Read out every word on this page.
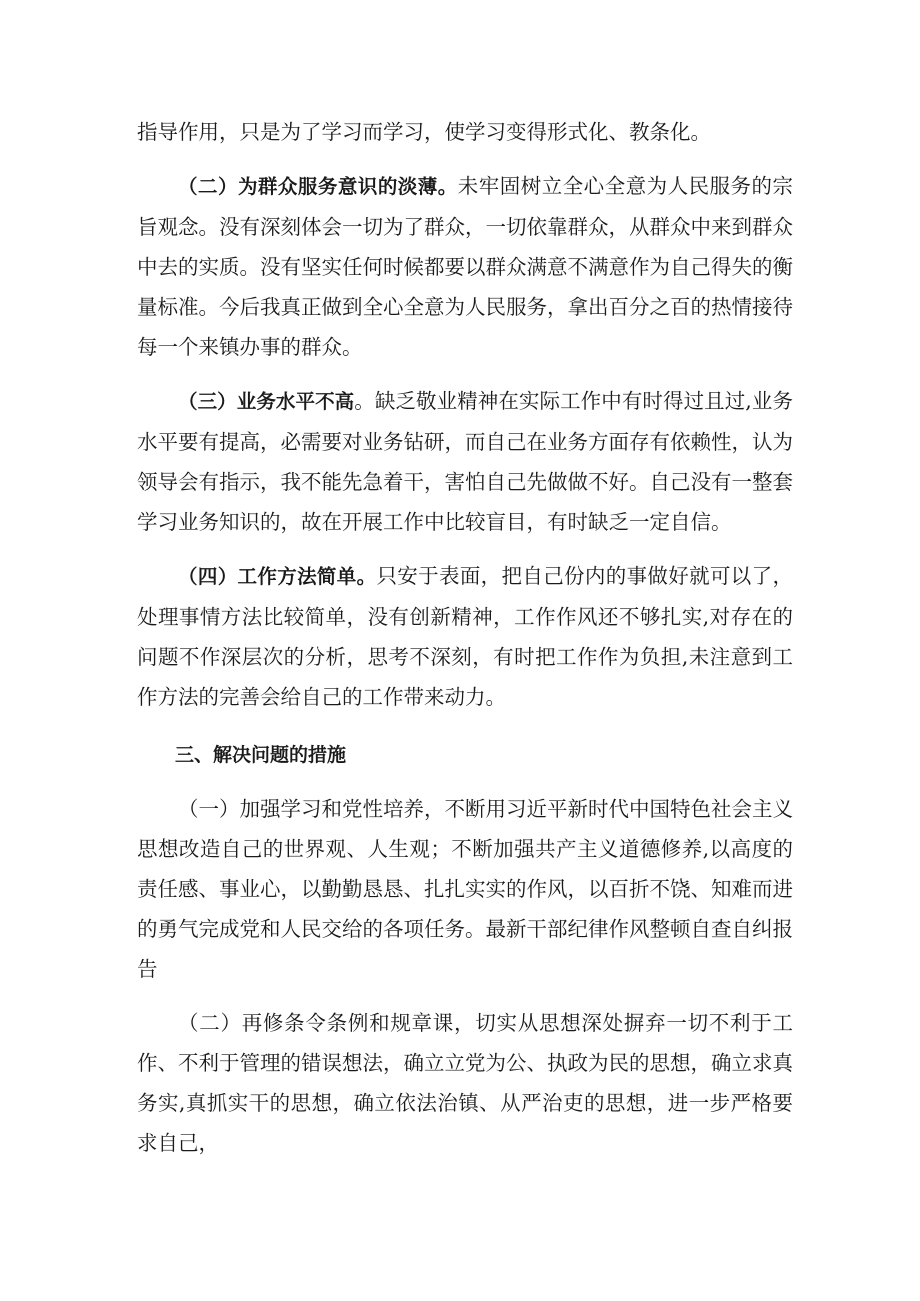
指导作用，只是为了学习而学习，使学习变得形式化、教条化。

（二）为群众服务意识的淡薄。未牢固树立全心全意为人民服务的宗旨观念。没有深刻体会一切为了群众，一切依靠群众，从群众中来到群众中去的实质。没有坚实任何时候都要以群众满意不满意作为自己得失的衡量标准。今后我真正做到全心全意为人民服务，拿出百分之百的热情接待每一个来镇办事的群众。

（三）业务水平不高。缺乏敬业精神在实际工作中有时得过且过,业务水平要有提高，必需要对业务钻研，而自己在业务方面存有依赖性，认为领导会有指示，我不能先急着干，害怕自己先做做不好。自己没有一整套学习业务知识的，故在开展工作中比较盲目，有时缺乏一定自信。

（四）工作方法简单。只安于表面，把自己份内的事做好就可以了，处理事情方法比较简单，没有创新精神，工作作风还不够扎实,对存在的问题不作深层次的分析，思考不深刻，有时把工作作为负担,未注意到工作方法的完善会给自己的工作带来动力。

三、解决问题的措施

（一）加强学习和党性培养，不断用习近平新时代中国特色社会主义思想改造自己的世界观、人生观；不断加强共产主义道德修养,以高度的责任感、事业心，以勤勤恳恳、扎扎实实的作风，以百折不饶、知难而进的勇气完成党和人民交给的各项任务。最新干部纪律作风整顿自查自纠报告

（二）再修条令条例和规章课，切实从思想深处摒弃一切不利于工作、不利于管理的错误想法，确立立党为公、执政为民的思想，确立求真务实,真抓实干的思想，确立依法治镇、从严治吏的思想，进一步严格要求自己，
